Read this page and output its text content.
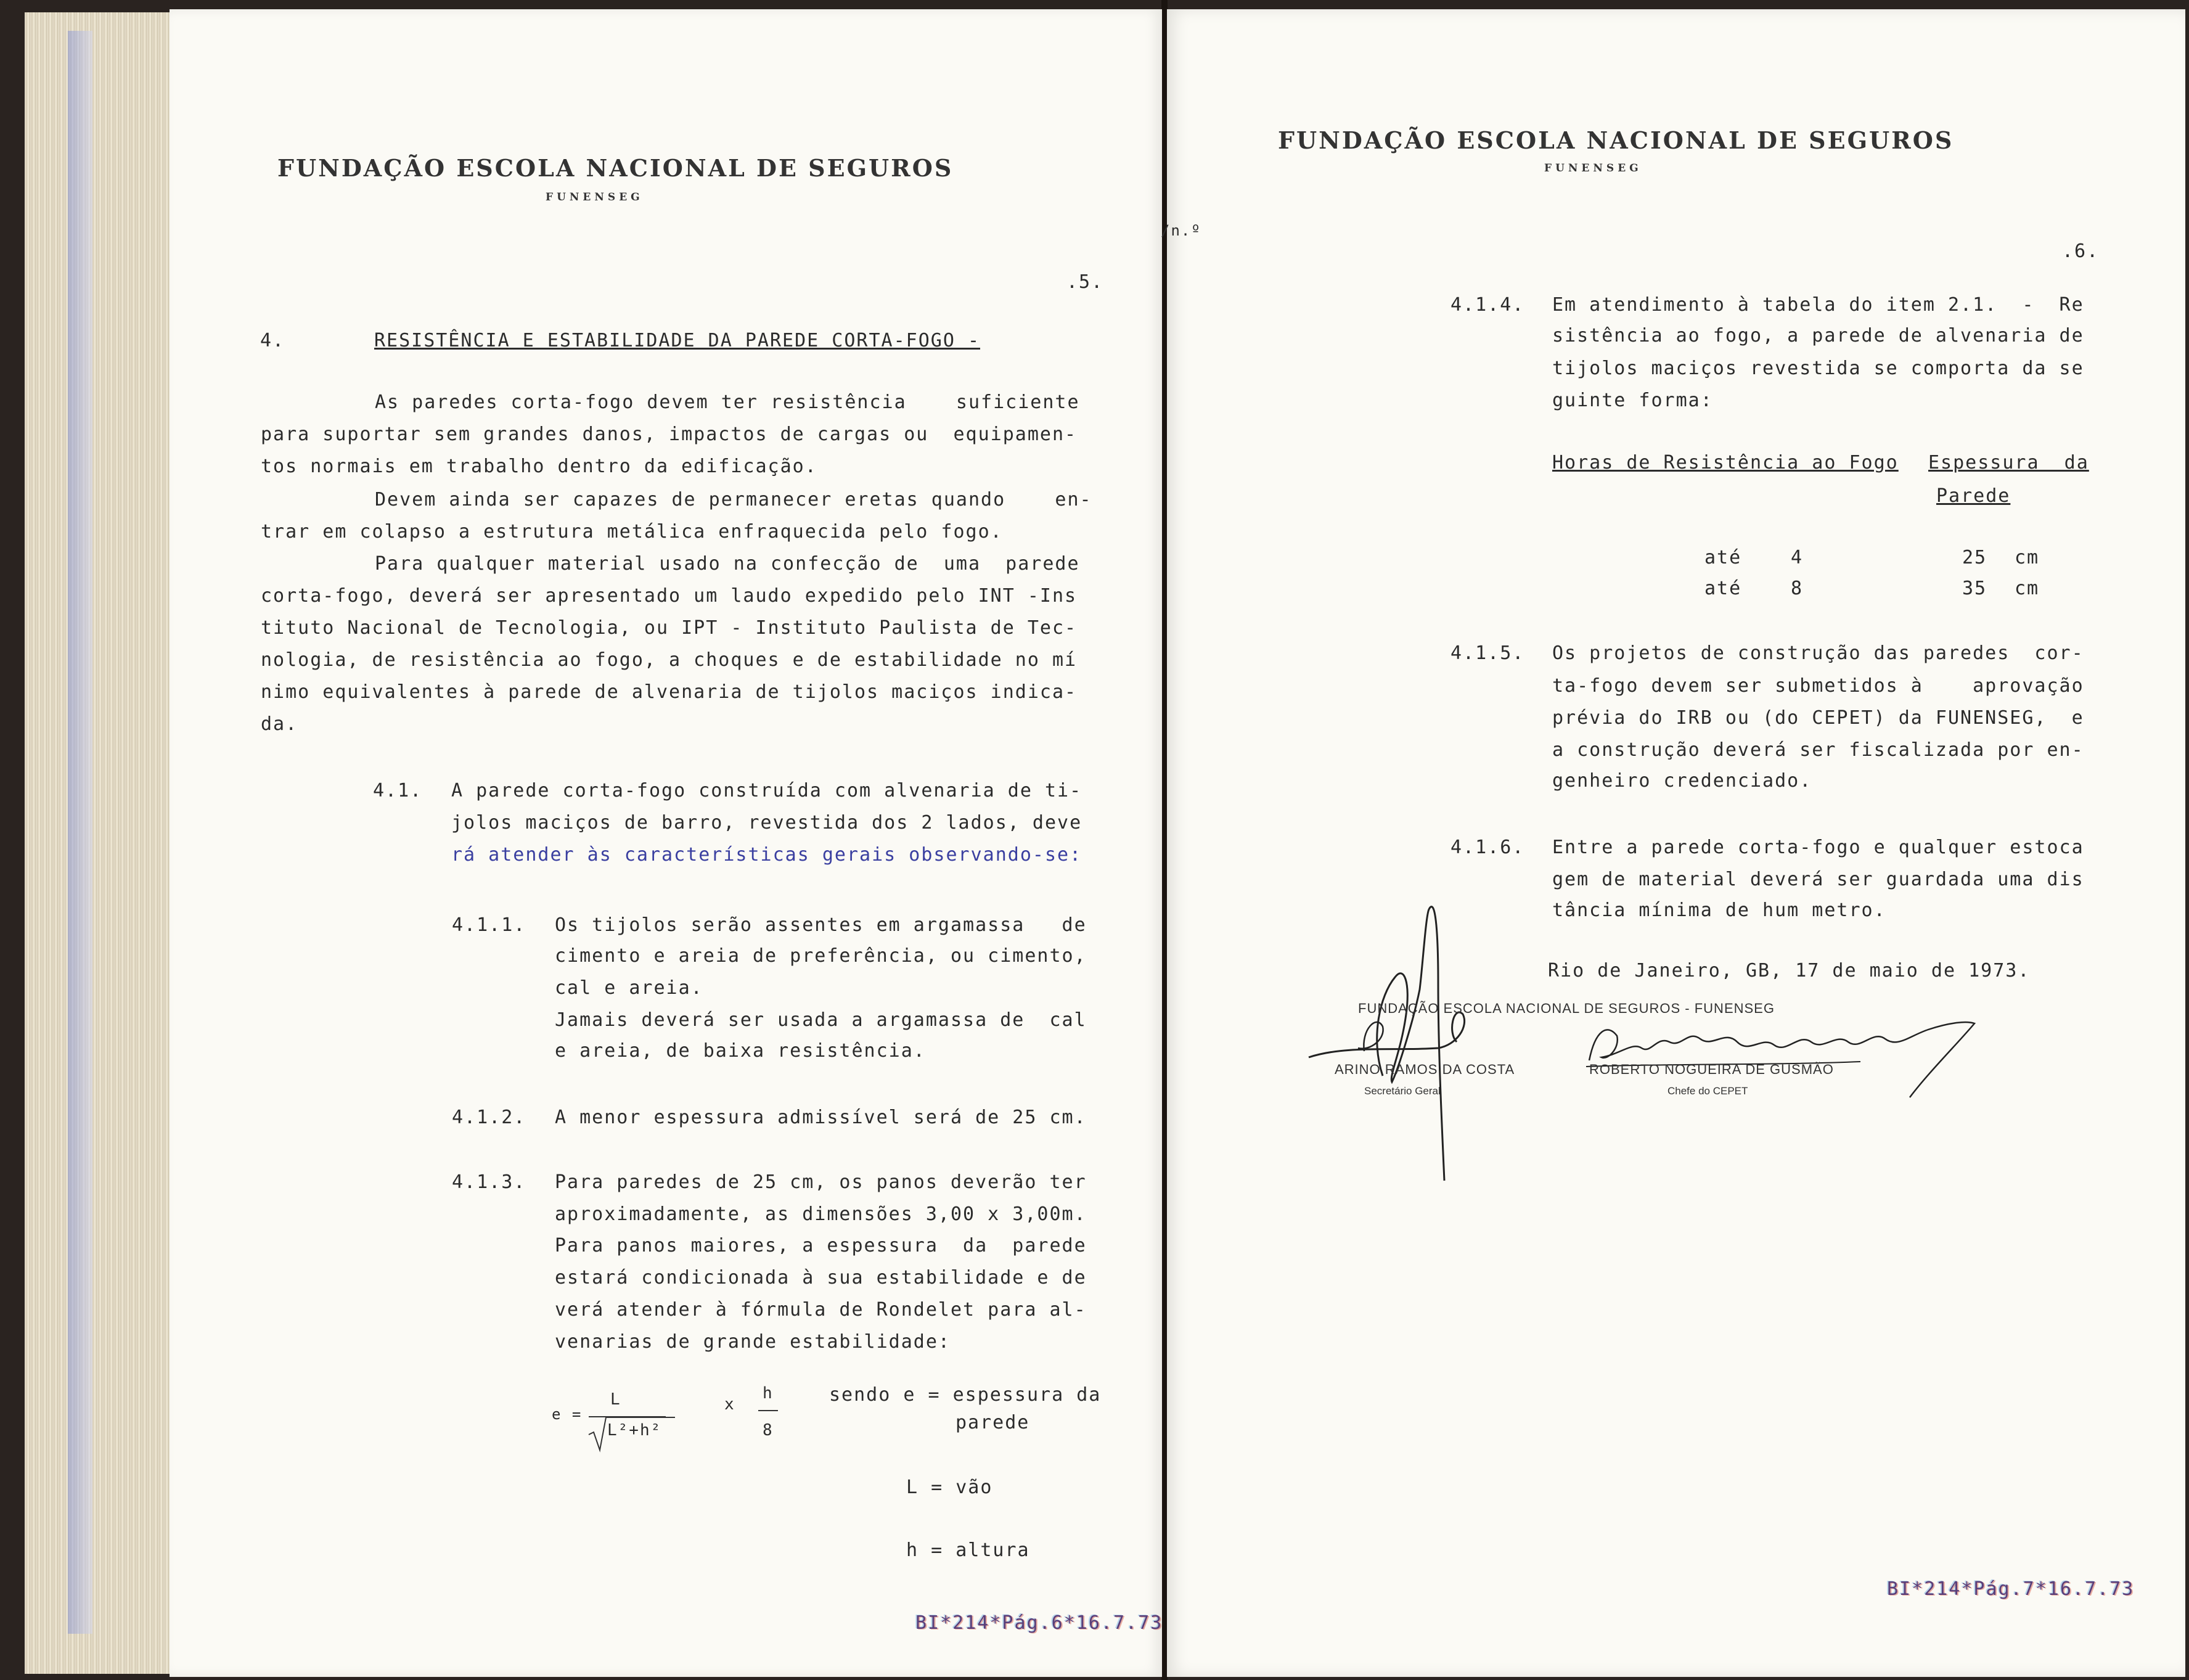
FUNDAÇÃO ESCOLA NACIONAL DE SEGUROS
FUNENSEG
.5.
4.	RESISTÊNCIA E ESTABILIDADE DA PAREDE CORTA-FOGO -
As paredes corta-fogo devem ter resistência    suficiente
para suportar sem grandes danos, impactos de cargas ou  equipamen-
tos normais em trabalho dentro da edificação.
Devem ainda ser capazes de permanecer eretas quando    en-
trar em colapso a estrutura metálica enfraquecida pelo fogo.
Para qualquer material usado na confecção de  uma  parede
corta-fogo, deverá ser apresentado um laudo expedido pelo INT -Ins
tituto Nacional de Tecnologia, ou IPT - Instituto Paulista de Tec-
nologia, de resistência ao fogo, a choques e de estabilidade no mí
nimo equivalentes à parede de alvenaria de tijolos maciços indica-
da.
4.1. A parede corta-fogo construída com alvenaria de ti-
jolos maciços de barro, revestida dos 2 lados, deve
rá atender às características gerais observando-se:
4.1.1. Os tijolos serão assentes em argamassa   de
cimento e areia de preferência, ou cimento,
cal e areia.
Jamais deverá ser usada a argamassa de  cal
e areia, de baixa resistência.
4.1.2. A menor espessura admissível será de 25 cm.
4.1.3. Para paredes de 25 cm, os panos deverão ter
aproximadamente, as dimensões 3,00 x 3,00m.
Para panos maiores, a espessura  da  parede
estará condicionada à sua estabilidade e de
verá atender à fórmula de Rondelet para al-
venarias de grande estabilidade:
e =
L
L²+h²
x
h
8
sendo e = espessura da
parede
L = vão
h = altura
BI*214*Pág.6*16.7.73
/n.º
FUNDAÇÃO ESCOLA NACIONAL DE SEGUROS
FUNENSEG
.6.
4.1.4. Em atendimento à tabela do item 2.1.  -  Re
sistência ao fogo, a parede de alvenaria de
tijolos maciços revestida se comporta da se
guinte forma:
Horas de Resistência ao Fogo Espessura  da
Parede
até	4	25 cm
até	8	35 cm
4.1.5. Os projetos de construção das paredes  cor-
ta-fogo devem ser submetidos à    aprovação
prévia do IRB ou (do CEPET) da FUNENSEG,  e
a construção deverá ser fiscalizada por en-
genheiro credenciado.
4.1.6. Entre a parede corta-fogo e qualquer estoca
gem de material deverá ser guardada uma dis
tância mínima de hum metro.
Rio de Janeiro, GB, 17 de maio de 1973.
FUNDAÇÃO ESCOLA NACIONAL DE SEGUROS - FUNENSEG
ARINO RAMOS DA COSTA
Secretário Geral
ROBERTO NOGUEIRA DE GUSMÃO
Chefe do CEPET
BI*214*Pág.7*16.7.73
